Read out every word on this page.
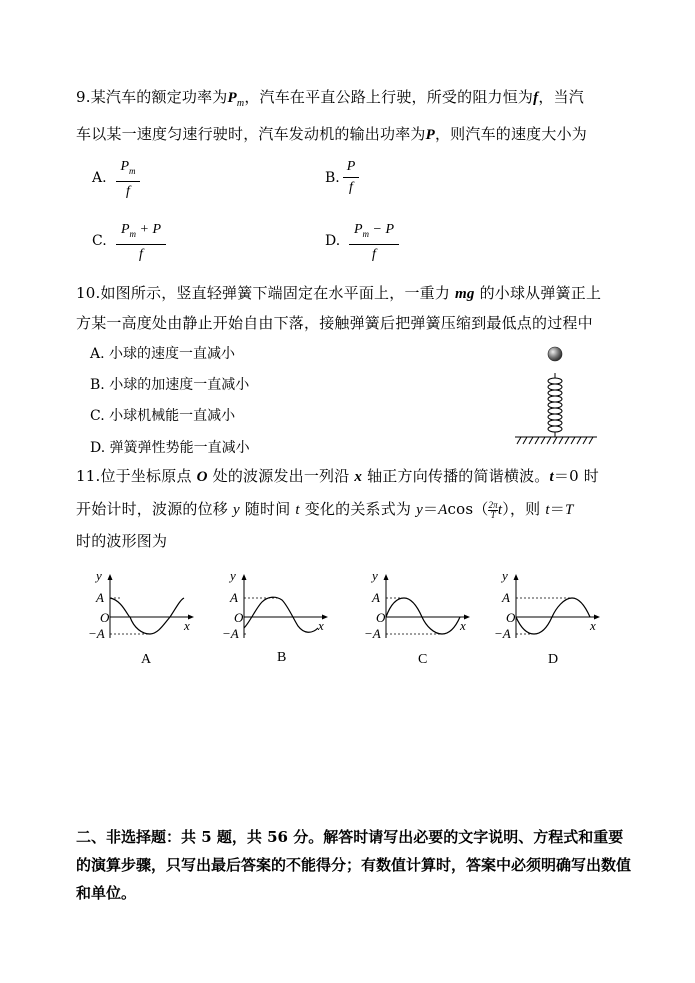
9.某汽车的额定功率为$P_m$，汽车在平直公路上行驶，所受的阻力恒为f，当汽
车以某一速度匀速行驶时，汽车发动机的输出功率为P，则汽车的速度大小为
A.
$P_m$
f
B.
P
f
C.
$P_m + P$
f
D.
$P_m - P$
f
10.如图所示，竖直轻弹簧下端固定在水平面上，一重力 mg 的小球从弹簧正上
方某一高度处由静止开始自由下落，接触弹簧后把弹簧压缩到最低点的过程中
A. 小球的速度一直减小
B. 小球的加速度一直减小
C. 小球机械能一直减小
D. 弹簧弹性势能一直减小
11.位于坐标原点 O 处的波源发出一列沿 x 轴正方向传播的简谐横波。t＝0 时
开始计时，波源的位移 y 随时间 t 变化的关系式为 $y=Acos( \frac{2\pi}{T} t)$，则 t＝T
时的波形图为
y
A
O
−A
x
A
y
A
O
−A
x
B
y
A
O
−A
x
C
y
A
O
−A
x
D
二、非选择题：共 5 题，共 56 分。解答时请写出必要的文字说明、方程式和重要的演算步骤，只写出最后答案的不能得分；有数值计算时，答案中必须明确写出数值和单位。
